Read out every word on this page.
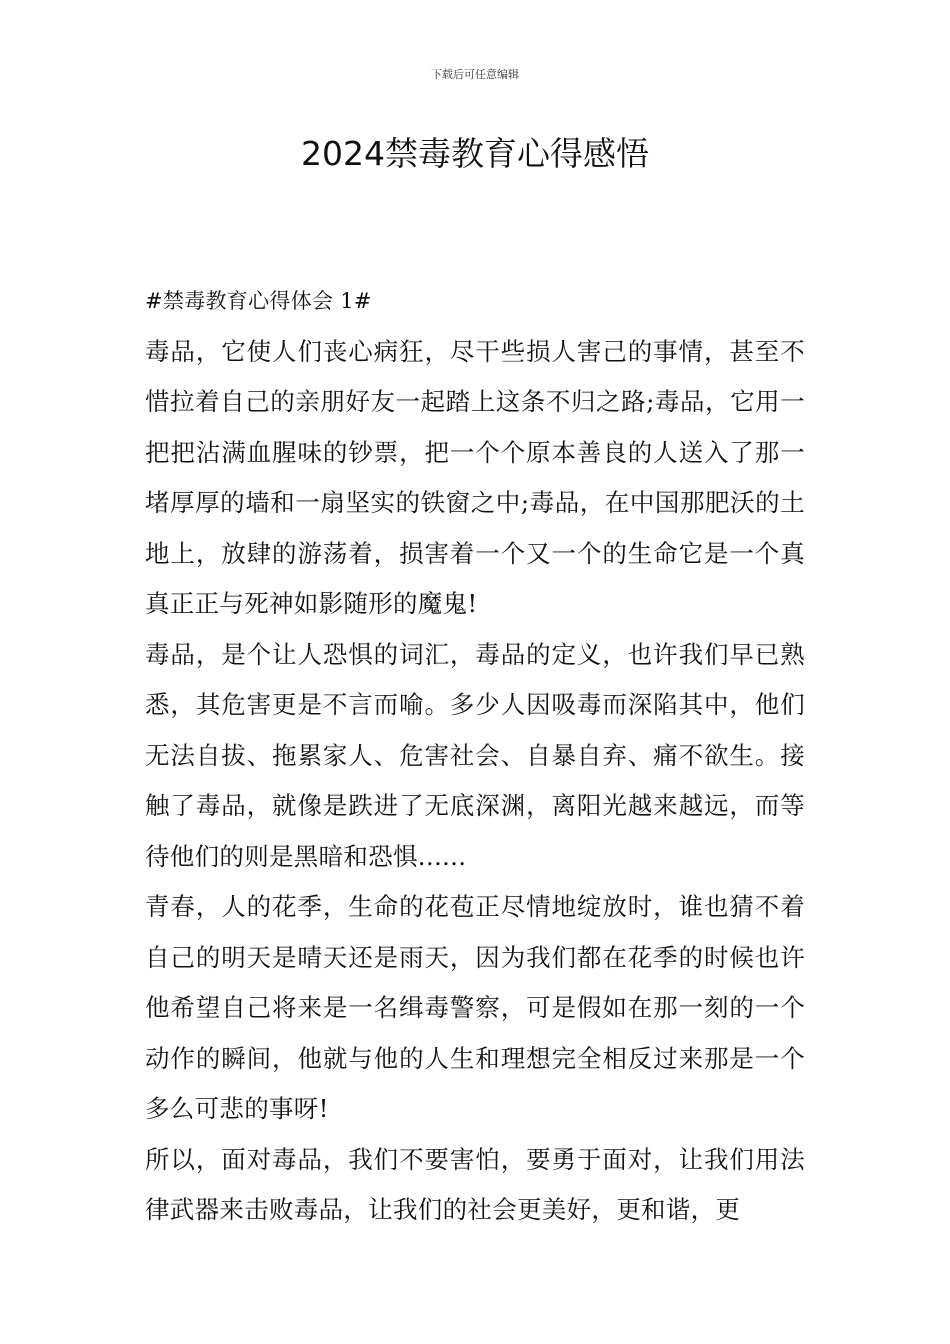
下载后可任意编辑
2024禁毒教育心得感悟

#禁毒教育心得体会 1#

毒品，它使人们丧心病狂，尽干些损人害己的事情，甚至不惜拉着自己的亲朋好友一起踏上这条不归之路;毒品，它用一把把沾满血腥味的钞票，把一个个原本善良的人送入了那一堵厚厚的墙和一扇坚实的铁窗之中;毒品，在中国那肥沃的土地上，放肆的游荡着，损害着一个又一个的生命它是一个真真正正与死神如影随形的魔鬼!

毒品，是个让人恐惧的词汇，毒品的定义，也许我们早已熟悉，其危害更是不言而喻。多少人因吸毒而深陷其中，他们无法自拔、拖累家人、危害社会、自暴自弃、痛不欲生。接触了毒品，就像是跌进了无底深渊，离阳光越来越远，而等待他们的则是黑暗和恐惧......

青春，人的花季，生命的花苞正尽情地绽放时，谁也猜不着自己的明天是晴天还是雨天，因为我们都在花季的时候也许他希望自己将来是一名缉毒警察，可是假如在那一刻的一个动作的瞬间，他就与他的人生和理想完全相反过来那是一个多么可悲的事呀!

所以，面对毒品，我们不要害怕，要勇于面对，让我们用法律武器来击败毒品，让我们的社会更美好，更和谐，更
